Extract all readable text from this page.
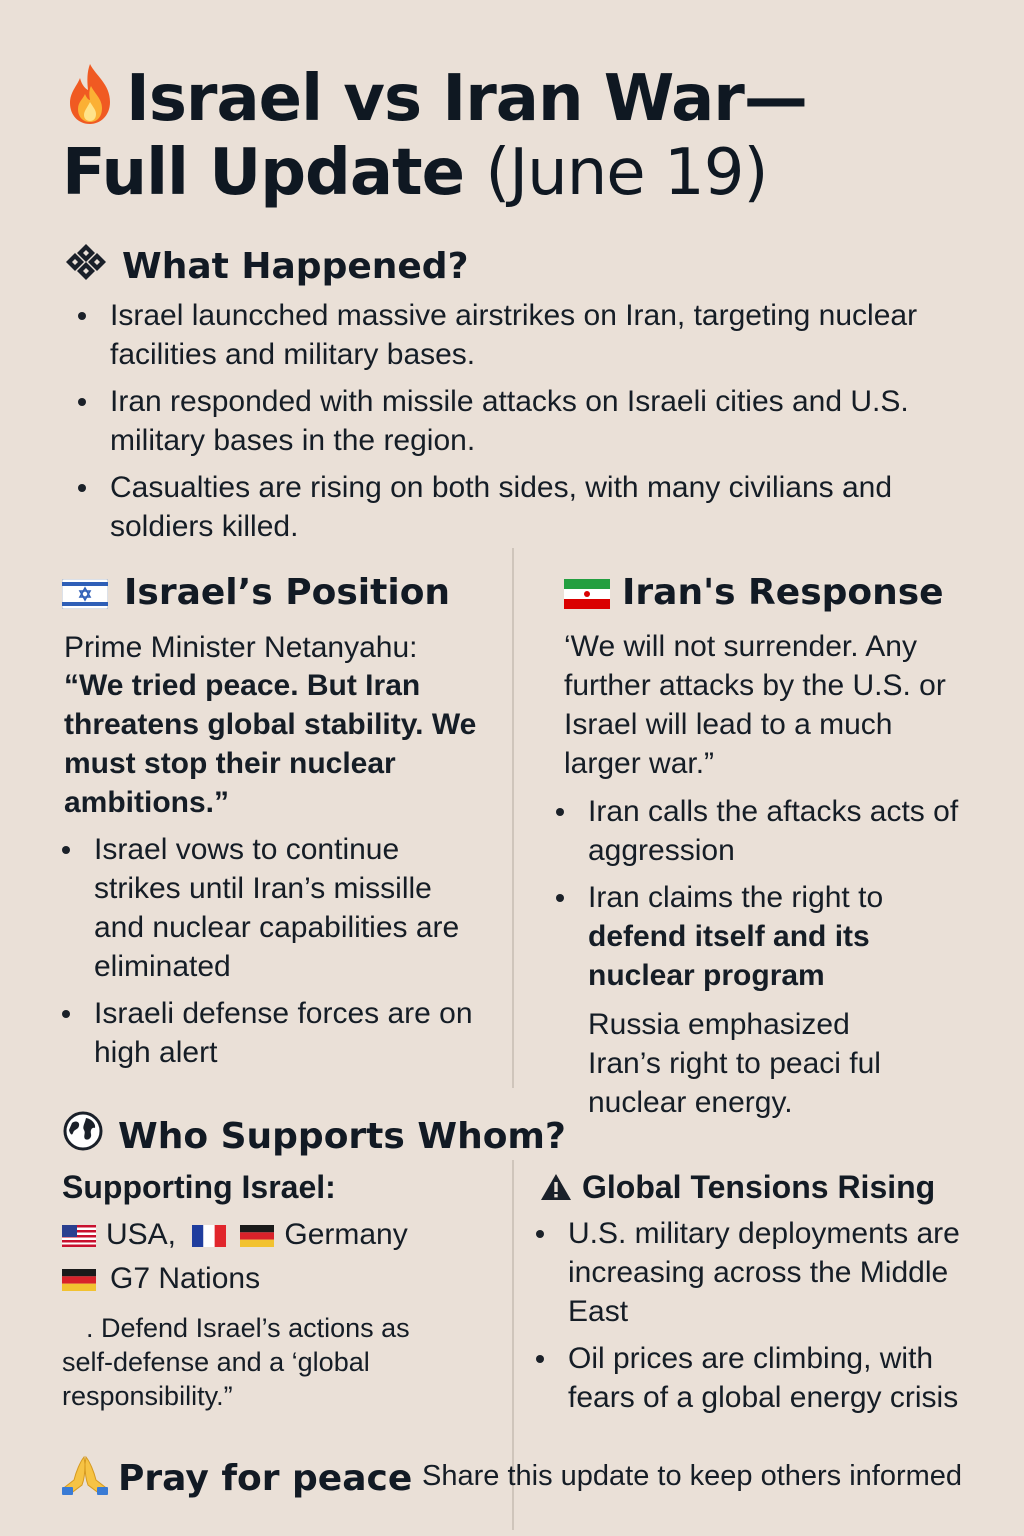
Israel vs Iran War—
Full Update (June 19)
What Happened?
Israel launcched massive airstrikes on Iran, targeting nuclear facilities and military bases.
Iran responded with missile attacks on Israeli cities and U.S. military bases in the region.
Casualties are rising on both sides, with many civilians and soldiers killed.
Israel’s Position
Prime Minister Netanyahu:
“We tried peace. But Iran threatens global stability. We must stop their nuclear ambitions.”
Israel vows to continue strikes until Iran’s missille and nuclear capabilities are eliminated
Israeli defense forces are on high alert
Iran's Response
‘We will not surrender. Any further attacks by the U.S. or Israel will lead to a much larger war.”
Iran calls the aftacks acts of aggression
Iran claims the right to defend itself and its nuclear program
Russia emphasized Iran’s right to peaci ful nuclear energy.
Who Supports Whom?
Supporting Israel:
USA,	Germany
G7 Nations
. Defend Israel’s actions as self-defense and a ‘global responsibility.”
Global Tensions Rising
U.S. military deployments are increasing across the Middle East
Oil prices are climbing, with fears of a global energy crisis
Pray for peace Share this update to keep others informed
